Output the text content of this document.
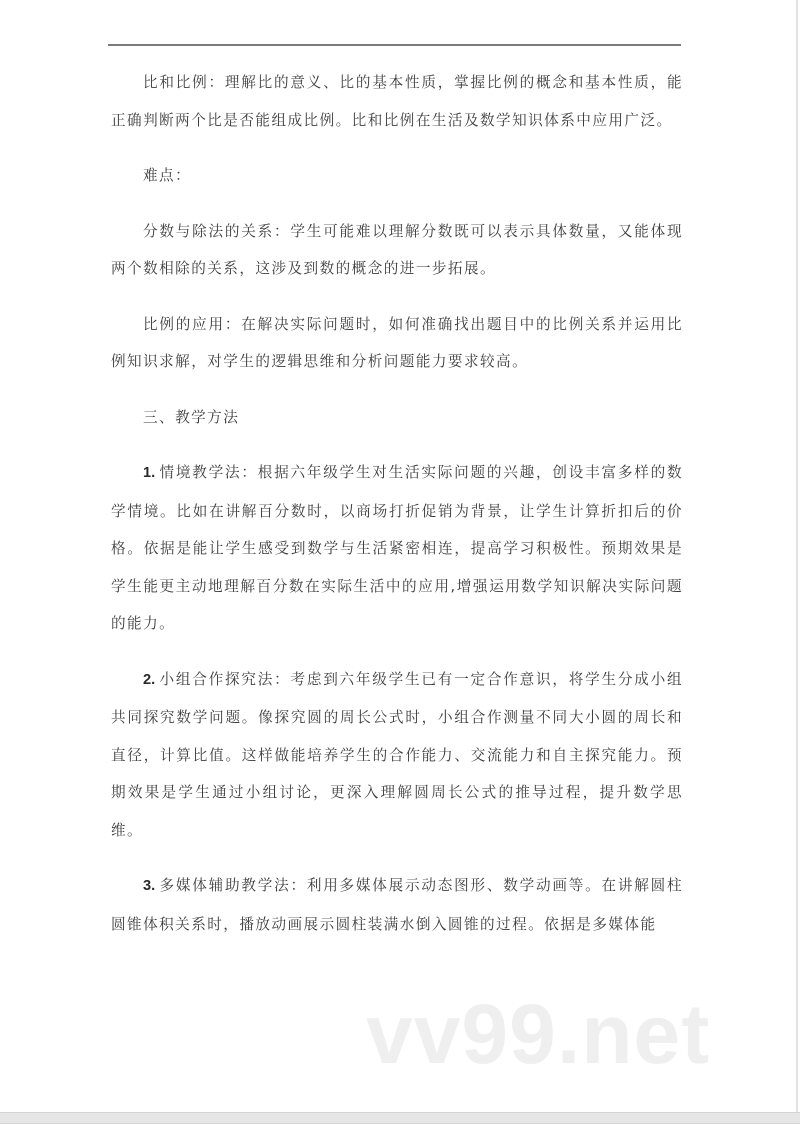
比和比例：理解比的意义、比的基本性质，掌握比例的概念和基本性质，能正确判断两个比是否能组成比例。比和比例在生活及数学知识体系中应用广泛。

难点：

分数与除法的关系：学生可能难以理解分数既可以表示具体数量，又能体现两个数相除的关系，这涉及到数的概念的进一步拓展。

比例的应用：在解决实际问题时，如何准确找出题目中的比例关系并运用比例知识求解，对学生的逻辑思维和分析问题能力要求较高。

三、教学方法

1. 情境教学法：根据六年级学生对生活实际问题的兴趣，创设丰富多样的数学情境。比如在讲解百分数时，以商场打折促销为背景，让学生计算折扣后的价格。依据是能让学生感受到数学与生活紧密相连，提高学习积极性。预期效果是学生能更主动地理解百分数在实际生活中的应用,增强运用数学知识解决实际问题的能力。

2. 小组合作探究法：考虑到六年级学生已有一定合作意识，将学生分成小组共同探究数学问题。像探究圆的周长公式时，小组合作测量不同大小圆的周长和直径，计算比值。这样做能培养学生的合作能力、交流能力和自主探究能力。预期效果是学生通过小组讨论，更深入理解圆周长公式的推导过程，提升数学思维。

3. 多媒体辅助教学法：利用多媒体展示动态图形、数学动画等。在讲解圆柱圆锥体积关系时，播放动画展示圆柱装满水倒入圆锥的过程。依据是多媒体能

vv99.net
